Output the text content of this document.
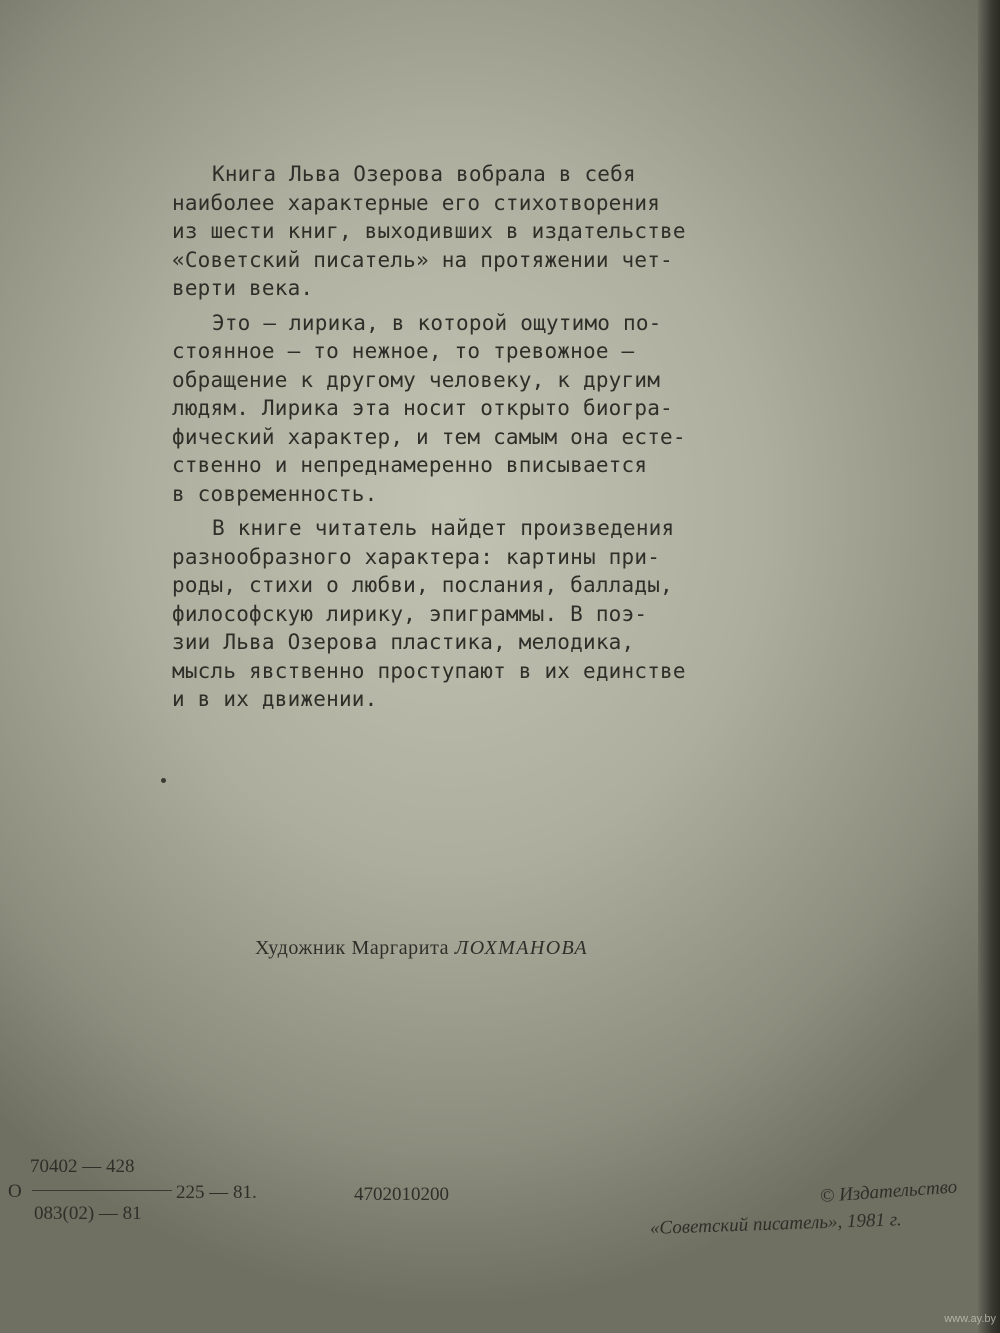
Книга Льва Озерова вобрала в себя
наиболее характерные его стихотворения
из шести книг, выходивших в издательстве
«Советский писатель» на протяжении чет-
верти века.

Это — лирика, в которой ощутимо по-
стоянное — то нежное, то тревожное —
обращение к другому человеку, к другим
людям. Лирика эта носит открыто биогра-
фический характер, и тем самым она есте-
ственно и непреднамеренно вписывается
в современность.

В книге читатель найдет произведения
разнообразного характера: картины при-
роды, стихи о любви, послания, баллады,
философскую лирику, эпиграммы. В поэ-
зии Льва Озерова пластика, мелодика,
мысль явственно проступают в их единстве
и в их движении.

Художник Маргарита ЛОХМАНОВА
70402 — 428
О
083(02) — 81
225 — 81.	4702010200	© Издательство
«Советский писатель», 1981 г.
www.ay.by
